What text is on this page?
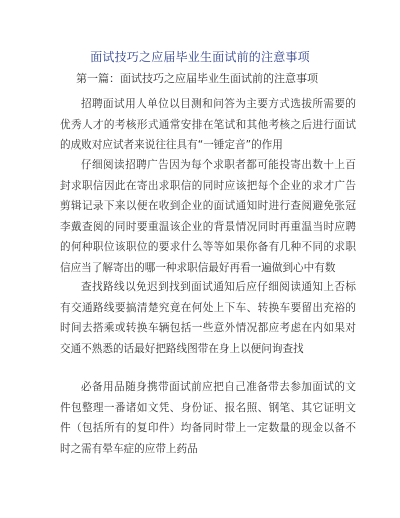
面试技巧之应届毕业生面试前的注意事项
第一篇：面试技巧之应届毕业生面试前的注意事项

招聘面试用人单位以目测和问答为主要方式选拔所需要的优秀人才的考核形式通常安排在笔试和其他考核之后进行面试的成败对应试者来说往往具有“一锤定音”的作用

仔细阅读招聘广告因为每个求职者都可能投寄出数十上百封求职信因此在寄出求职信的同时应该把每个企业的求才广告剪辑记录下来以便在收到企业的面试通知时进行查阅避免张冠李戴查阅的同时要重温该企业的背景情况同时再重温当时应聘的何种职位该职位的要求什么等等如果你备有几种不同的求职信应当了解寄出的哪一种求职信最好再看一遍做到心中有数

查找路线以免迟到找到面试通知后应仔细阅读通知上否标有交通路线要搞清楚究竟在何处上下车、转换车要留出充裕的时间去搭乘或转换车辆包括一些意外情况都应考虑在内如果对交通不熟悉的话最好把路线图带在身上以便问询查找

必备用品随身携带面试前应把自己准备带去参加面试的文件包整理一番诸如文凭、身份证、报名照、钢笔、其它证明文件（包括所有的复印件）均备同时带上一定数量的现金以备不时之需有晕车症的应带上药品
